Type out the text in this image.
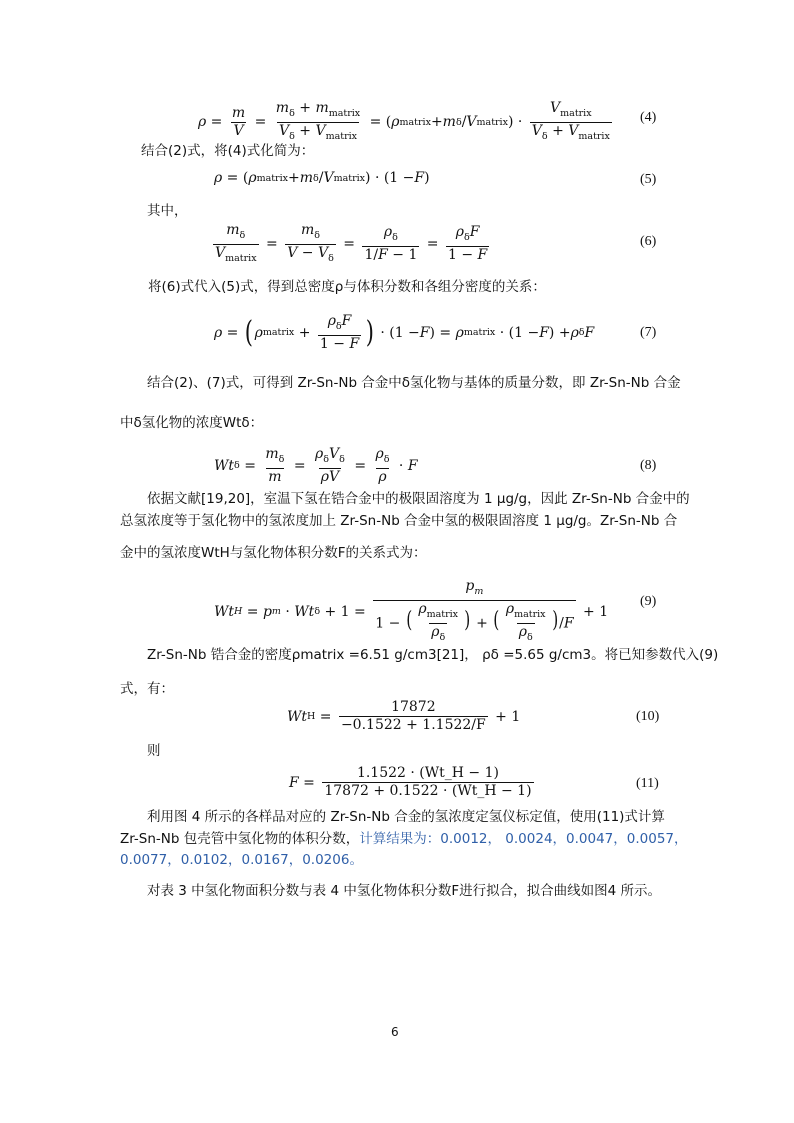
$\rho = \frac{m}{V} = \frac{m_\delta + m_{matrix}}{V_\delta + V_{matrix}}$ = ( ρ matrix + m δ / V matrix ) · $\frac{V_{matrix}}{V_\delta + V_{matrix}} (4)$
结合(2)式，将(4)式化简为：
ρ = ( ρ matrix + m δ / V matrix ) · (1 − F )	(5)
其中，
$\frac{m_\delta}{V_{matrix}} = \frac{m_\delta}{V - V_\delta} = \frac{\rho_\delta}{1/F - 1} = \frac{\rho_\delta F}{1 - F}$	(6)
将(6)式代入(5)式，得到总密度ρ与体积分数和各组分密度的关系：
ρ = ( ρ matrix + $\frac{\rho_\delta F}{1 - F}$ ) · (1 − F ) = ρ matrix · (1 − F ) + ρ δ F	(7)
结合(2)、(7)式，可得到 Zr-Sn-Nb 合金中δ氢化物与基体的质量分数，即 Zr-Sn-Nb 合金
中δ氢化物的浓度Wtδ：
Wt $\delta = \frac{m_\delta}{m} = \frac{\rho_\delta V_\delta}{\rho V} = \frac{\rho_\delta}{\rho} \cdot F$	(8)
依据文献[19,20]，室温下氢在锆合金中的极限固溶度为 1 μg/g，因此 Zr-Sn-Nb 合金中的
总氢浓度等于氢化物中的氢浓度加上 Zr-Sn-Nb 合金中氢的极限固溶度 1 μg/g。Zr-Sn-Nb 合
金中的氢浓度WtH与氢化物体积分数F的关系式为：
Wt H = p m · Wt $\delta + 1 = \frac{p_m}{1 - ( \frac{\rho_{matrix}}{\rho_\delta} ) + ( \frac{\rho_{matrix}}{\rho_\delta} )/F} + 1$
(9)
Zr-Sn-Nb 锆合金的密度ρmatrix =6.51 g/cm3[21]， ρδ =5.65 g/cm3。将已知参数代入(9)
式，有：
Wt $H = \frac{17872}{-0.1522 + 1.1522/F}$
+ 1	(10)
则
$F = \frac{1.1522 \cdot (Wt\_H - 1)}{17872 + 0.1522 \cdot (Wt\_H - 1)}$	(11)
利用图 4 所示的各样品对应的 Zr-Sn-Nb 合金的氢浓度定氢仪标定值，使用(11)式计算
Zr-Sn-Nb 包壳管中氢化物的体积分数，计算结果为：0.0012， 0.0024，0.0047，0.0057，
0.0077，0.0102，0.0167，0.0206。
对表 3 中氢化物面积分数与表 4 中氢化物体积分数F进行拟合，拟合曲线如图4 所示。
6
